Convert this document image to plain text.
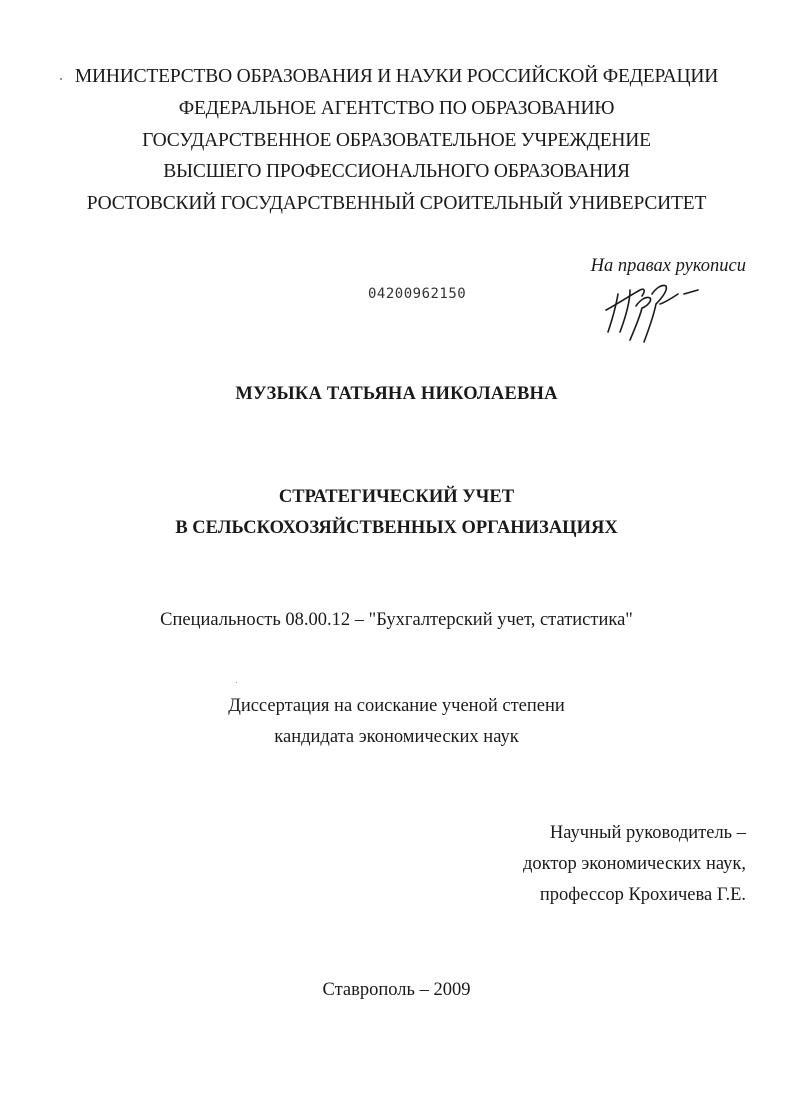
МИНИСТЕРСТВО ОБРАЗОВАНИЯ И НАУКИ РОССИЙСКОЙ ФЕДЕРАЦИИ
ФЕДЕРАЛЬНОЕ АГЕНТСТВО ПО ОБРАЗОВАНИЮ
ГОСУДАРСТВЕННОЕ ОБРАЗОВАТЕЛЬНОЕ УЧРЕЖДЕНИЕ
ВЫСШЕГО ПРОФЕССИОНАЛЬНОГО ОБРАЗОВАНИЯ
РОСТОВСКИЙ ГОСУДАРСТВЕННЫЙ СРОИТЕЛЬНЫЙ УНИВЕРСИТЕТ
На правах рукописи
04200962150
МУЗЫКА ТАТЬЯНА НИКОЛАЕВНА
СТРАТЕГИЧЕСКИЙ УЧЕТ
В СЕЛЬСКОХОЗЯЙСТВЕННЫХ ОРГАНИЗАЦИЯХ
Специальность 08.00.12 – "Бухгалтерский учет, статистика"
Диссертация на соискание ученой степени
кандидата экономических наук
Научный руководитель –
доктор экономических наук,
профессор Крохичева Г.Е.
Ставрополь – 2009
